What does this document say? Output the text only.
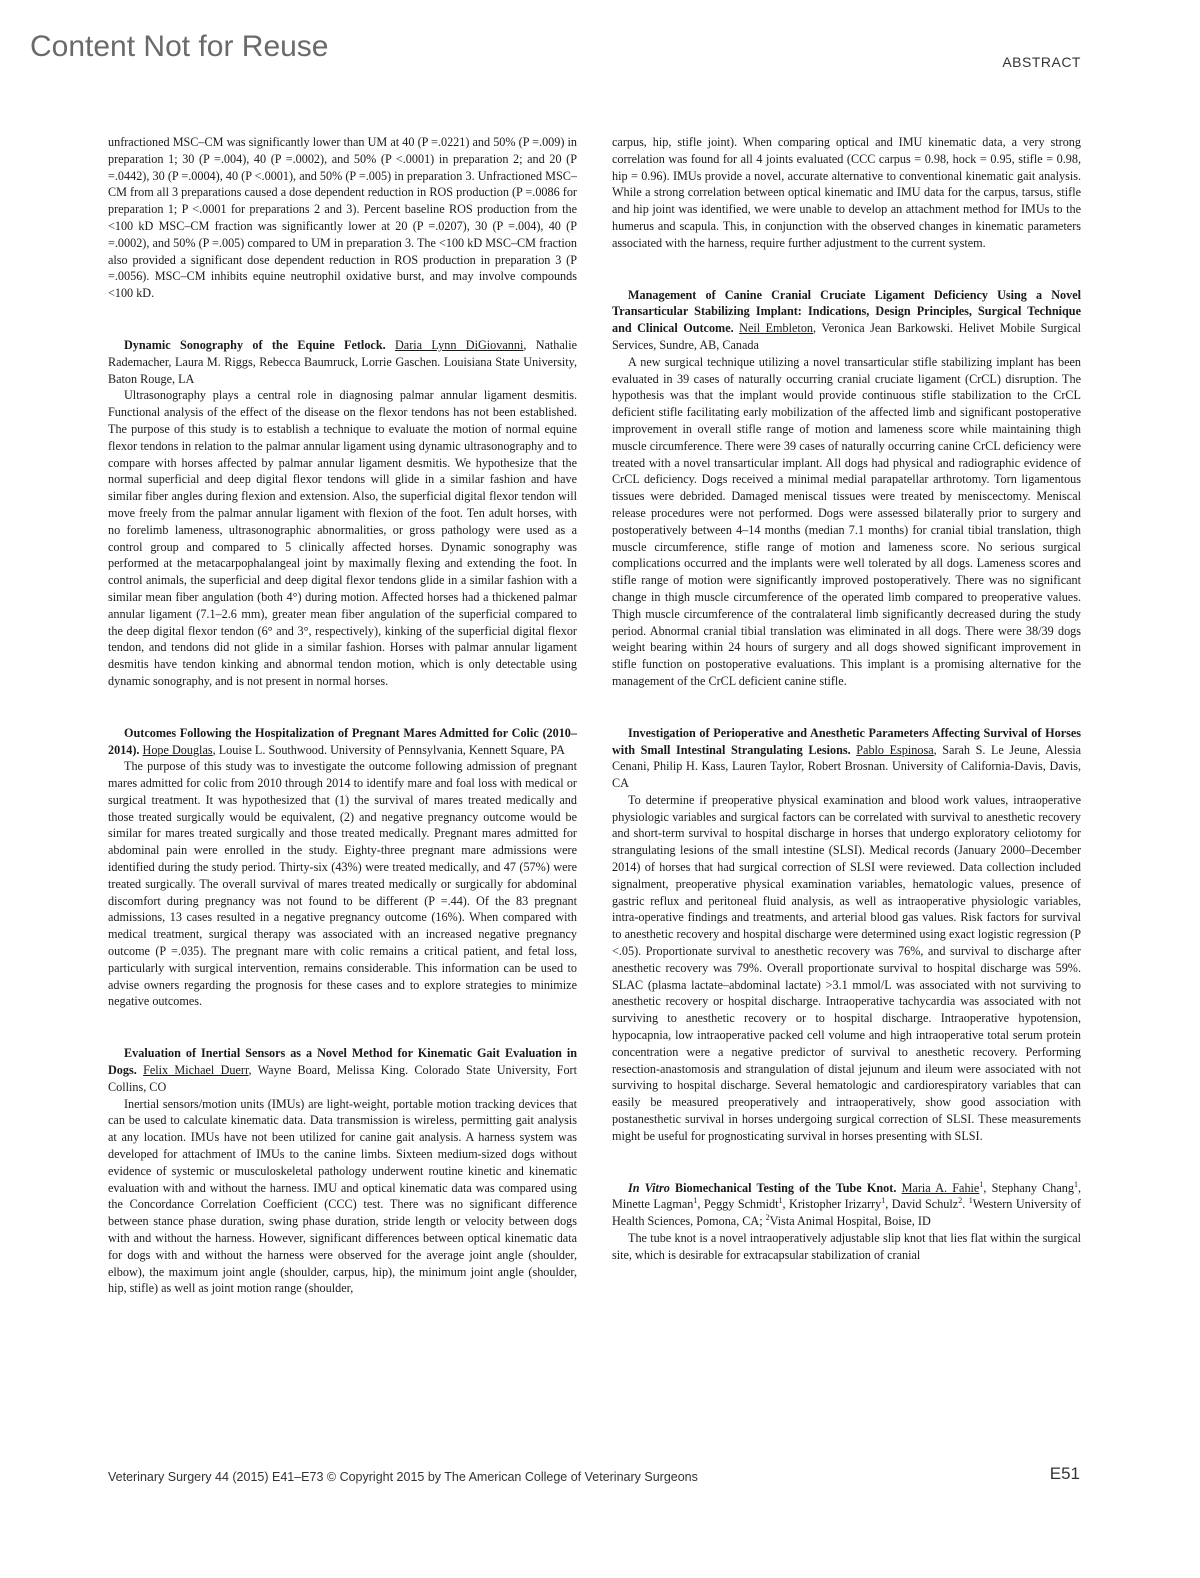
Content Not for Reuse	ABSTRACT

unfractioned MSC–CM was significantly lower than UM at 40 (P =.0221) and 50% (P =.009) in preparation 1; 30 (P =.004), 40 (P =.0002), and 50% (P <.0001) in preparation 2; and 20 (P =.0442), 30 (P =.0004), 40 (P <.0001), and 50% (P =.005) in preparation 3. Unfractioned MSC–CM from all 3 preparations caused a dose dependent reduction in ROS production (P =.0086 for preparation 1; P <.0001 for preparations 2 and 3). Percent baseline ROS production from the <100 kD MSC–CM fraction was significantly lower at 20 (P =.0207), 30 (P =.004), 40 (P =.0002), and 50% (P =.005) compared to UM in preparation 3. The <100 kD MSC–CM fraction also provided a significant dose dependent reduction in ROS production in preparation 3 (P =.0056). MSC–CM inhibits equine neutrophil oxidative burst, and may involve compounds <100 kD.

Dynamic Sonography of the Equine Fetlock. Daria Lynn DiGiovanni, Nathalie Rademacher, Laura M. Riggs, Rebecca Baumruck, Lorrie Gaschen. Louisiana State University, Baton Rouge, LA

Ultrasonography plays a central role in diagnosing palmar annular ligament desmitis. Functional analysis of the effect of the disease on the flexor tendons has not been established. The purpose of this study is to establish a technique to evaluate the motion of normal equine flexor tendons in relation to the palmar annular ligament using dynamic ultrasonography and to compare with horses affected by palmar annular ligament desmitis. We hypothesize that the normal superficial and deep digital flexor tendons will glide in a similar fashion and have similar fiber angles during flexion and extension. Also, the superficial digital flexor tendon will move freely from the palmar annular ligament with flexion of the foot. Ten adult horses, with no forelimb lameness, ultrasonographic abnormalities, or gross pathology were used as a control group and compared to 5 clinically affected horses. Dynamic sonography was performed at the metacarpophalangeal joint by maximally flexing and extending the foot. In control animals, the superficial and deep digital flexor tendons glide in a similar fashion with a similar mean fiber angulation (both 4°) during motion. Affected horses had a thickened palmar annular ligament (7.1–2.6 mm), greater mean fiber angulation of the superficial compared to the deep digital flexor tendon (6° and 3°, respectively), kinking of the superficial digital flexor tendon, and tendons did not glide in a similar fashion. Horses with palmar annular ligament desmitis have tendon kinking and abnormal tendon motion, which is only detectable using dynamic sonography, and is not present in normal horses.

Outcomes Following the Hospitalization of Pregnant Mares Admitted for Colic (2010–2014). Hope Douglas, Louise L. Southwood. University of Pennsylvania, Kennett Square, PA

The purpose of this study was to investigate the outcome following admission of pregnant mares admitted for colic from 2010 through 2014 to identify mare and foal loss with medical or surgical treatment. It was hypothesized that (1) the survival of mares treated medically and those treated surgically would be equivalent, (2) and negative pregnancy outcome would be similar for mares treated surgically and those treated medically. Pregnant mares admitted for abdominal pain were enrolled in the study. Eighty-three pregnant mare admissions were identified during the study period. Thirty-six (43%) were treated medically, and 47 (57%) were treated surgically. The overall survival of mares treated medically or surgically for abdominal discomfort during pregnancy was not found to be different (P =.44). Of the 83 pregnant admissions, 13 cases resulted in a negative pregnancy outcome (16%). When compared with medical treatment, surgical therapy was associated with an increased negative pregnancy outcome (P =.035). The pregnant mare with colic remains a critical patient, and fetal loss, particularly with surgical intervention, remains considerable. This information can be used to advise owners regarding the prognosis for these cases and to explore strategies to minimize negative outcomes.

Evaluation of Inertial Sensors as a Novel Method for Kinematic Gait Evaluation in Dogs. Felix Michael Duerr, Wayne Board, Melissa King. Colorado State University, Fort Collins, CO

Inertial sensors/motion units (IMUs) are light-weight, portable motion tracking devices that can be used to calculate kinematic data. Data transmission is wireless, permitting gait analysis at any location. IMUs have not been utilized for canine gait analysis. A harness system was developed for attachment of IMUs to the canine limbs. Sixteen medium-sized dogs without evidence of systemic or musculoskeletal pathology underwent routine kinetic and kinematic evaluation with and without the harness. IMU and optical kinematic data was compared using the Concordance Correlation Coefficient (CCC) test. There was no significant difference between stance phase duration, swing phase duration, stride length or velocity between dogs with and without the harness. However, significant differences between optical kinematic data for dogs with and without the harness were observed for the average joint angle (shoulder, elbow), the maximum joint angle (shoulder, carpus, hip), the minimum joint angle (shoulder, hip, stifle) as well as joint motion range (shoulder,

carpus, hip, stifle joint). When comparing optical and IMU kinematic data, a very strong correlation was found for all 4 joints evaluated (CCC carpus = 0.98, hock = 0.95, stifle = 0.98, hip = 0.96). IMUs provide a novel, accurate alternative to conventional kinematic gait analysis. While a strong correlation between optical kinematic and IMU data for the carpus, tarsus, stifle and hip joint was identified, we were unable to develop an attachment method for IMUs to the humerus and scapula. This, in conjunction with the observed changes in kinematic parameters associated with the harness, require further adjustment to the current system.

Management of Canine Cranial Cruciate Ligament Deficiency Using a Novel Transarticular Stabilizing Implant: Indications, Design Principles, Surgical Technique and Clinical Outcome. Neil Embleton, Veronica Jean Barkowski. Helivet Mobile Surgical Services, Sundre, AB, Canada

A new surgical technique utilizing a novel transarticular stifle stabilizing implant has been evaluated in 39 cases of naturally occurring cranial cruciate ligament (CrCL) disruption. The hypothesis was that the implant would provide continuous stifle stabilization to the CrCL deficient stifle facilitating early mobilization of the affected limb and significant postoperative improvement in overall stifle range of motion and lameness score while maintaining thigh muscle circumference. There were 39 cases of naturally occurring canine CrCL deficiency were treated with a novel transarticular implant. All dogs had physical and radiographic evidence of CrCL deficiency. Dogs received a minimal medial parapatellar arthrotomy. Torn ligamentous tissues were debrided. Damaged meniscal tissues were treated by meniscectomy. Meniscal release procedures were not performed. Dogs were assessed bilaterally prior to surgery and postoperatively between 4–14 months (median 7.1 months) for cranial tibial translation, thigh muscle circumference, stifle range of motion and lameness score. No serious surgical complications occurred and the implants were well tolerated by all dogs. Lameness scores and stifle range of motion were significantly improved postoperatively. There was no significant change in thigh muscle circumference of the operated limb compared to preoperative values. Thigh muscle circumference of the contralateral limb significantly decreased during the study period. Abnormal cranial tibial translation was eliminated in all dogs. There were 38/39 dogs weight bearing within 24 hours of surgery and all dogs showed significant improvement in stifle function on postoperative evaluations. This implant is a promising alternative for the management of the CrCL deficient canine stifle.

Investigation of Perioperative and Anesthetic Parameters Affecting Survival of Horses with Small Intestinal Strangulating Lesions. Pablo Espinosa, Sarah S. Le Jeune, Alessia Cenani, Philip H. Kass, Lauren Taylor, Robert Brosnan. University of California-Davis, Davis, CA

To determine if preoperative physical examination and blood work values, intraoperative physiologic variables and surgical factors can be correlated with survival to anesthetic recovery and short-term survival to hospital discharge in horses that undergo exploratory celiotomy for strangulating lesions of the small intestine (SLSI). Medical records (January 2000–December 2014) of horses that had surgical correction of SLSI were reviewed. Data collection included signalment, preoperative physical examination variables, hematologic values, presence of gastric reflux and peritoneal fluid analysis, as well as intraoperative physiologic variables, intra-operative findings and treatments, and arterial blood gas values. Risk factors for survival to anesthetic recovery and hospital discharge were determined using exact logistic regression (P <.05). Proportionate survival to anesthetic recovery was 76%, and survival to discharge after anesthetic recovery was 79%. Overall proportionate survival to hospital discharge was 59%. SLAC (plasma lactate–abdominal lactate) >3.1 mmol/L was associated with not surviving to anesthetic recovery or hospital discharge. Intraoperative tachycardia was associated with not surviving to anesthetic recovery or to hospital discharge. Intraoperative hypotension, hypocapnia, low intraoperative packed cell volume and high intraoperative total serum protein concentration were a negative predictor of survival to anesthetic recovery. Performing resection-anastomosis and strangulation of distal jejunum and ileum were associated with not surviving to hospital discharge. Several hematologic and cardiorespiratory variables that can easily be measured preoperatively and intraoperatively, show good association with postanesthetic survival in horses undergoing surgical correction of SLSI. These measurements might be useful for prognosticating survival in horses presenting with SLSI.

In Vitro Biomechanical Testing of the Tube Knot. Maria A. Fahie$^1$, Stephany Chang$^1$, Minette Lagman$^1$, Peggy Schmidt$^1$, Kristopher Irizarry$^1$, David Schulz$^2$. $^1$Western University of Health Sciences, Pomona, CA; $^2$Vista Animal Hospital, Boise, ID

The tube knot is a novel intraoperatively adjustable slip knot that lies flat within the surgical site, which is desirable for extracapsular stabilization of cranial

Veterinary Surgery 44 (2015) E41–E73 © Copyright 2015 by The American College of Veterinary Surgeons	E51
